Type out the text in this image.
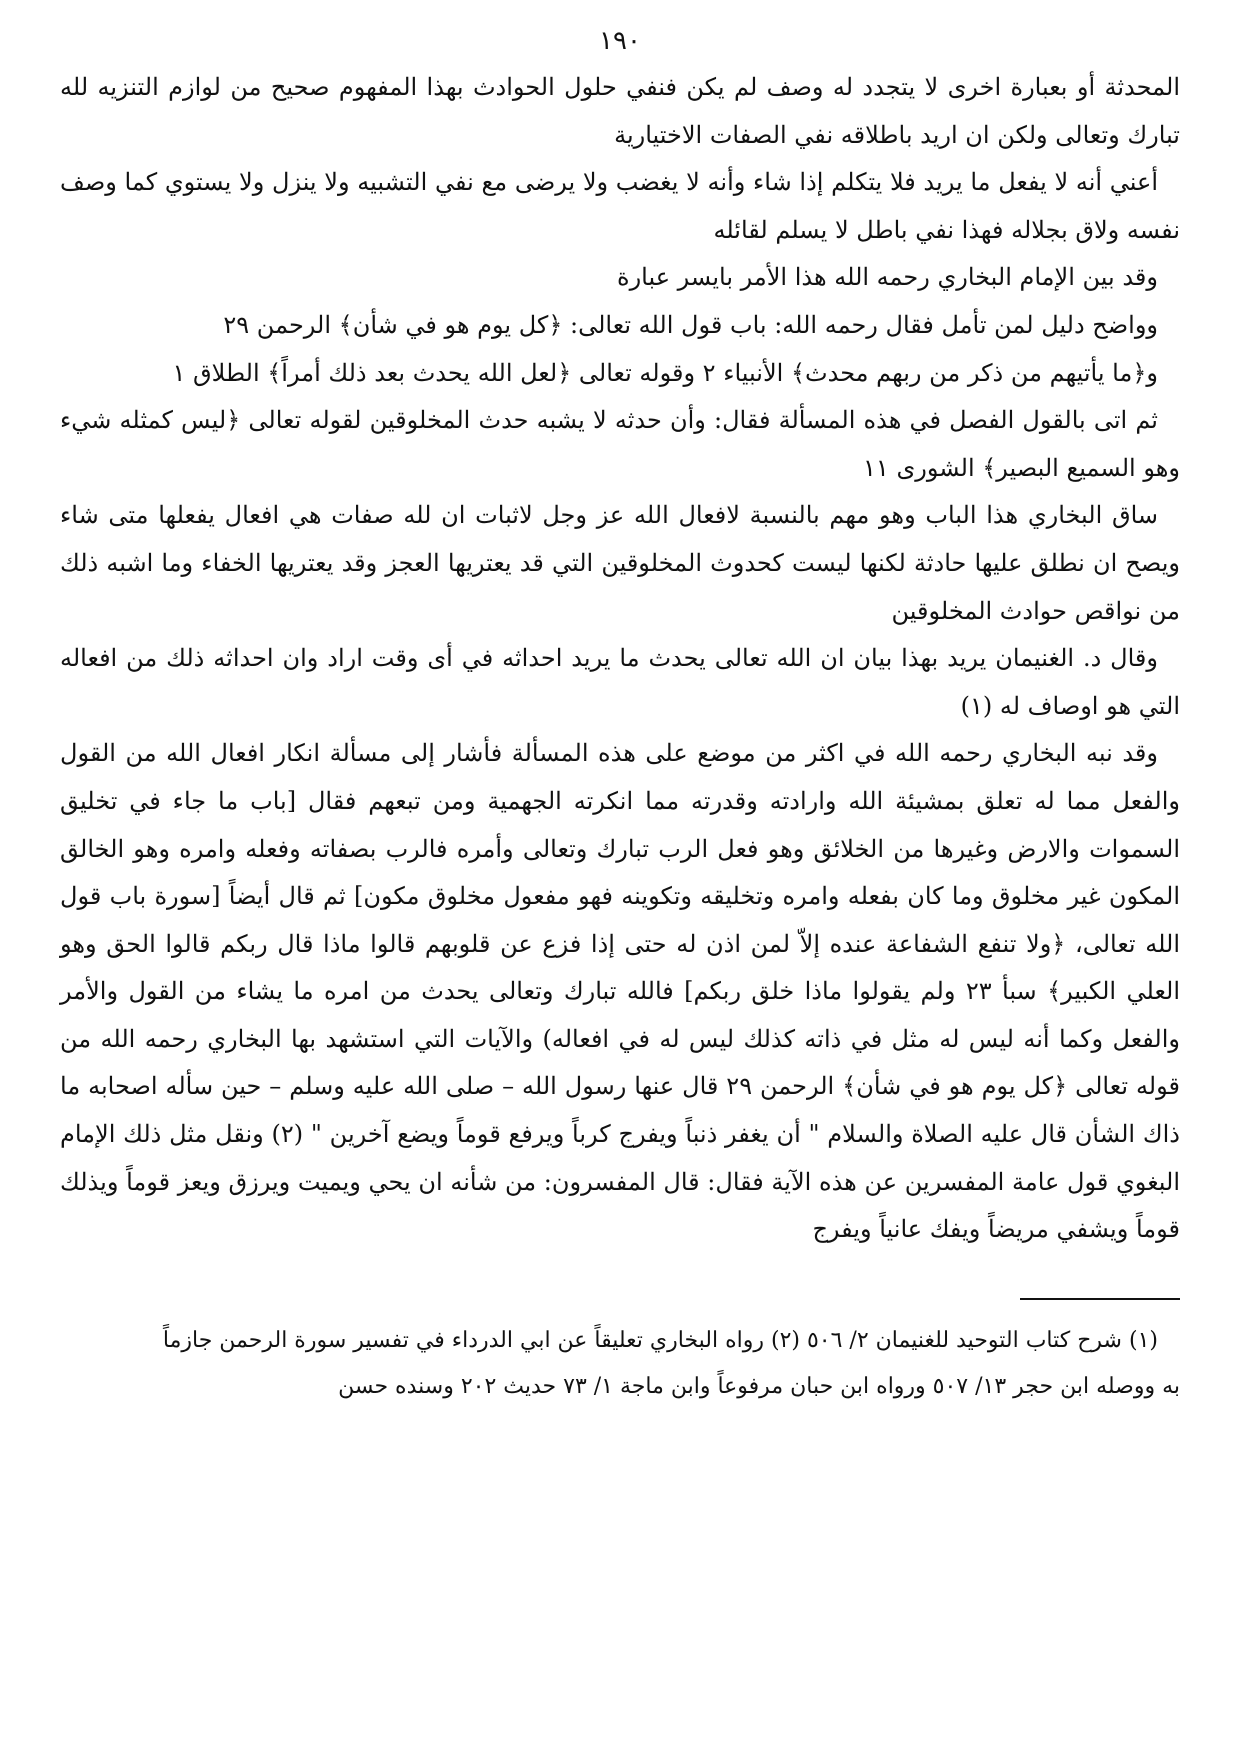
١٩٠

المحدثة أو بعبارة اخرى لا يتجدد له وصف لم يكن فنفي حلول الحوادث بهذا المفهوم صحيح من لوازم التنزيه لله تبارك وتعالى ولكن ان اريد باطلاقه نفي الصفات الاختيارية

أعني أنه لا يفعل ما يريد فلا يتكلم إذا شاء وأنه لا يغضب ولا يرضى مع نفي التشبيه ولا ينزل ولا يستوي كما وصف نفسه ولاق بجلاله فهذا نفي باطل لا يسلم لقائله

وقد بين الإمام البخاري رحمه الله هذا الأمر بايسر عبارة

وواضح دليل لمن تأمل فقال رحمه الله: باب قول الله تعالى: ﴿كل يوم هو في شأن﴾ الرحمن ٢٩

و﴿ما يأتيهم من ذكر من ربهم محدث﴾ الأنبياء ٢ وقوله تعالى ﴿لعل الله يحدث بعد ذلك أمراً﴾ الطلاق ١

ثم اتى بالقول الفصل في هذه المسألة فقال: وأن حدثه لا يشبه حدث المخلوقين لقوله تعالى ﴿ليس كمثله شيء وهو السميع البصير﴾ الشورى ١١

ساق البخاري هذا الباب وهو مهم بالنسبة لافعال الله عز وجل لاثبات ان لله صفات هي افعال يفعلها متى شاء ويصح ان نطلق عليها حادثة لكنها ليست كحدوث المخلوقين التي قد يعتريها العجز وقد يعتريها الخفاء وما اشبه ذلك من نواقص حوادث المخلوقين

وقال د. الغنيمان يريد بهذا بيان ان الله تعالى يحدث ما يريد احداثه في أى وقت اراد وان احداثه ذلك من افعاله التي هو اوصاف له (١)

وقد نبه البخاري رحمه الله في اكثر من موضع على هذه المسألة فأشار إلى مسألة انكار افعال الله من القول والفعل مما له تعلق بمشيئة الله وارادته وقدرته مما انكرته الجهمية ومن تبعهم فقال [باب ما جاء في تخليق السموات والارض وغيرها من الخلائق وهو فعل الرب تبارك وتعالى وأمره فالرب بصفاته وفعله وامره وهو الخالق المكون غير مخلوق وما كان بفعله وامره وتخليقه وتكوينه فهو مفعول مخلوق مكون] ثم قال أيضاً [سورة باب قول الله تعالى، ﴿ولا تنفع الشفاعة عنده إلاّ لمن اذن له حتى إذا فزع عن قلوبهم قالوا ماذا قال ربكم قالوا الحق وهو العلي الكبير﴾ سبأ ٢٣ ولم يقولوا ماذا خلق ربكم] فالله تبارك وتعالى يحدث من امره ما يشاء من القول والأمر والفعل وكما أنه ليس له مثل في ذاته كذلك ليس له في افعاله) والآيات التي استشهد بها البخاري رحمه الله من قوله تعالى ﴿كل يوم هو في شأن﴾ الرحمن ٢٩ قال عنها رسول الله – صلى الله عليه وسلم – حين سأله اصحابه ما ذاك الشأن قال عليه الصلاة والسلام " أن يغفر ذنباً ويفرج كرباً ويرفع قوماً ويضع آخرين " (٢) ونقل مثل ذلك الإمام البغوي قول عامة المفسرين عن هذه الآية فقال: قال المفسرون: من شأنه ان يحي ويميت ويرزق ويعز قوماً ويذلك قوماً ويشفي مريضاً ويفك عانياً ويفرج

(١) شرح كتاب التوحيد للغنيمان ٢/ ٥٠٦ (٢) رواه البخاري تعليقاً عن ابي الدرداء في تفسير سورة الرحمن جازماً

به ووصله ابن حجر ١٣/ ٥٠٧ ورواه ابن حبان مرفوعاً وابن ماجة ١/ ٧٣ حديث ٢٠٢ وسنده حسن
